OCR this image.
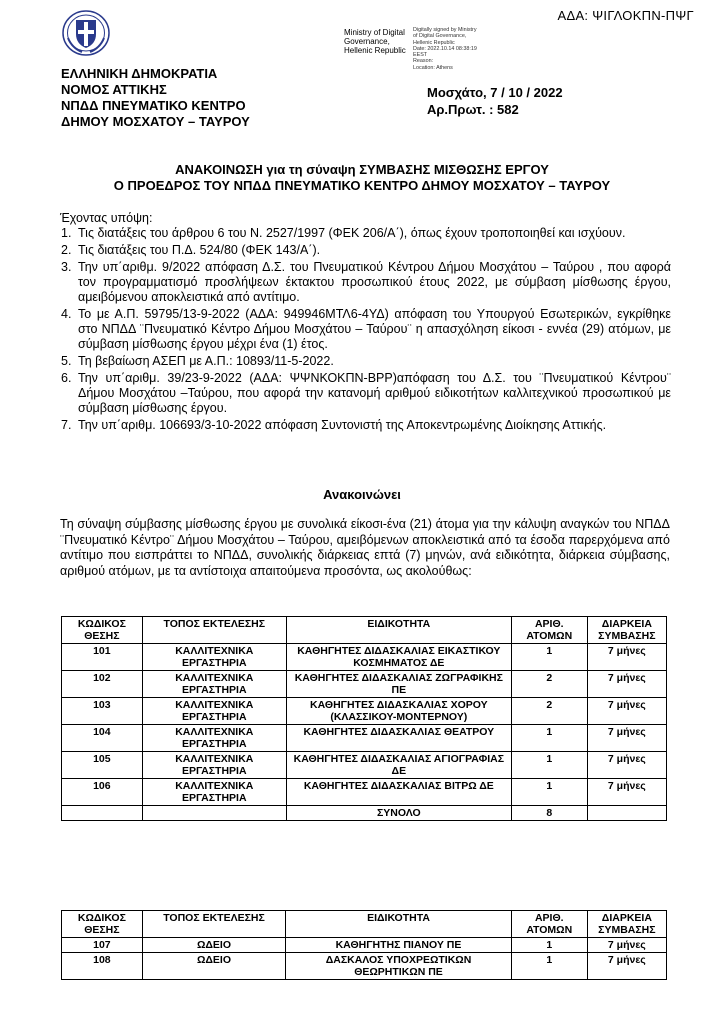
ΑΔΑ: ΨΙΓΛΟΚΠΝ-ΠΨΓ
Ministry of Digital
Governance,
Hellenic Republic
Digitally signed by Ministry
of Digital Governance,
Hellenic Republic
Date: 2022.10.14 08:38:19
EEST
Reason:
Location: Athens
ΕΛΛΗΝΙΚΗ ΔΗΜΟΚΡΑΤΙΑ
ΝΟΜΟΣ ΑΤΤΙΚΗΣ
ΝΠΔΔ ΠΝΕΥΜΑΤΙΚΟ ΚΕΝΤΡΟ
ΔΗΜΟΥ ΜΟΣΧΑΤΟΥ – ΤΑΥΡΟΥ
Μοσχάτο, 7 / 10 / 2022
Αρ.Πρωτ. : 582
ΑΝΑΚΟΙΝΩΣΗ για τη σύναψη ΣΥΜΒΑΣΗΣ ΜΙΣΘΩΣΗΣ ΕΡΓΟΥ
Ο ΠΡΟΕΔΡΟΣ ΤΟΥ ΝΠΔΔ ΠΝΕΥΜΑΤΙΚΟ ΚΕΝΤΡΟ ΔΗΜΟΥ ΜΟΣΧΑΤΟΥ – ΤΑΥΡΟΥ
Έχοντας υπόψη:
1. Τις διατάξεις του άρθρου 6 του Ν. 2527/1997 (ΦΕΚ 206/Α΄), όπως έχουν τροποποιηθεί και ισχύουν.
2. Τις διατάξεις του Π.Δ. 524/80 (ΦΕΚ 143/Α΄).
3. Την υπ΄αριθμ. 9/2022 απόφαση Δ.Σ. του Πνευματικού Κέντρου Δήμου Μοσχάτου – Ταύρου , που αφορά τον προγραμματισμό προσλήψεων έκτακτου προσωπικού έτους 2022, με σύμβαση μίσθωσης έργου, αμειβόμενου αποκλειστικά από αντίτιμο.
4. Το με Α.Π. 59795/13-9-2022 (ΑΔΑ: 949946ΜΤΛ6-4ΥΔ) απόφαση του Υπουργού Εσωτερικών, εγκρίθηκε στο ΝΠΔΔ ¨Πνευματικό Κέντρο Δήμου Μοσχάτου – Ταύρου¨ η απασχόληση είκοσι - εννέα (29) ατόμων, με σύμβαση μίσθωσης έργου μέχρι ένα (1) έτος.
5. Τη βεβαίωση ΑΣΕΠ με Α.Π.: 10893/11-5-2022.
6. Την υπ΄αριθμ. 39/23-9-2022 (ΑΔΑ: ΨΨΝΚΟΚΠΝ-ΒΡΡ)απόφαση του Δ.Σ. του ¨Πνευματικού Κέντρου¨ Δήμου Μοσχάτου –Ταύρου, που αφορά την κατανομή αριθμού ειδικοτήτων καλλιτεχνικού προσωπικού με σύμβαση μίσθωσης έργου.
7. Την υπ΄αριθμ. 106693/3-10-2022 απόφαση Συντονιστή της Αποκεντρωμένης Διοίκησης Αττικής.
Ανακοινώνει
Τη σύναψη σύμβασης μίσθωσης έργου με συνολικά είκοσι-ένα (21) άτομα για την κάλυψη αναγκών του ΝΠΔΔ ¨Πνευματικό Κέντρο¨ Δήμου Μοσχάτου – Ταύρου, αμειβόμενων αποκλειστικά από τα έσοδα παρερχόμενα από αντίτιμο που εισπράττει το ΝΠΔΔ, συνολικής διάρκειας επτά (7) μηνών, ανά ειδικότητα, διάρκεια σύμβασης, αριθμού ατόμων, με τα αντίστοιχα απαιτούμενα προσόντα, ως ακολούθως:
ΚΩΔΙΚΟΣ ΘΕΣΗΣ	ΤΟΠΟΣ ΕΚΤΕΛΕΣΗΣ	ΕΙΔΙΚΟΤΗΤΑ	ΑΡΙΘ. ΑΤΟΜΩΝ	ΔΙΑΡΚΕΙΑ ΣΥΜΒΑΣΗΣ
101	ΚΑΛΛΙΤΕΧΝΙΚΑ ΕΡΓΑΣΤΗΡΙΑ	ΚΑΘΗΓΗΤΕΣ ΔΙΔΑΣΚΑΛΙΑΣ ΕΙΚΑΣΤΙΚΟΥ ΚΟΣΜΗΜΑΤΟΣ ΔΕ	1	7 μήνες
102	ΚΑΛΛΙΤΕΧΝΙΚΑ ΕΡΓΑΣΤΗΡΙΑ	ΚΑΘΗΓΗΤΕΣ ΔΙΔΑΣΚΑΛΙΑΣ ΖΩΓΡΑΦΙΚΗΣ ΠΕ	2	7 μήνες
103	ΚΑΛΛΙΤΕΧΝΙΚΑ ΕΡΓΑΣΤΗΡΙΑ	ΚΑΘΗΓΗΤΕΣ ΔΙΔΑΣΚΑΛΙΑΣ ΧΟΡΟΥ (ΚΛΑΣΣΙΚΟΥ-ΜΟΝΤΕΡΝΟΥ)	2	7 μήνες
104	ΚΑΛΛΙΤΕΧΝΙΚΑ ΕΡΓΑΣΤΗΡΙΑ	ΚΑΘΗΓΗΤΕΣ ΔΙΔΑΣΚΑΛΙΑΣ ΘΕΑΤΡΟΥ	1	7 μήνες
105	ΚΑΛΛΙΤΕΧΝΙΚΑ ΕΡΓΑΣΤΗΡΙΑ	ΚΑΘΗΓΗΤΕΣ ΔΙΔΑΣΚΑΛΙΑΣ ΑΓΙΟΓΡΑΦΙΑΣ ΔΕ	1	7 μήνες
106	ΚΑΛΛΙΤΕΧΝΙΚΑ ΕΡΓΑΣΤΗΡΙΑ	ΚΑΘΗΓΗΤΕΣ ΔΙΔΑΣΚΑΛΙΑΣ ΒΙΤΡΩ ΔΕ	1	7 μήνες
		ΣΥΝΟΛΟ	8	
ΚΩΔΙΚΟΣ ΘΕΣΗΣ	ΤΟΠΟΣ ΕΚΤΕΛΕΣΗΣ	ΕΙΔΙΚΟΤΗΤΑ	ΑΡΙΘ. ΑΤΟΜΩΝ	ΔΙΑΡΚΕΙΑ ΣΥΜΒΑΣΗΣ
107	ΩΔΕΙΟ	ΚΑΘΗΓΗΤΗΣ ΠΙΑΝΟΥ ΠΕ	1	7 μήνες
108	ΩΔΕΙΟ	ΔΑΣΚΑΛΟΣ ΥΠΟΧΡΕΩΤΙΚΩΝ ΘΕΩΡΗΤΙΚΩΝ ΠΕ	1	7 μήνες
